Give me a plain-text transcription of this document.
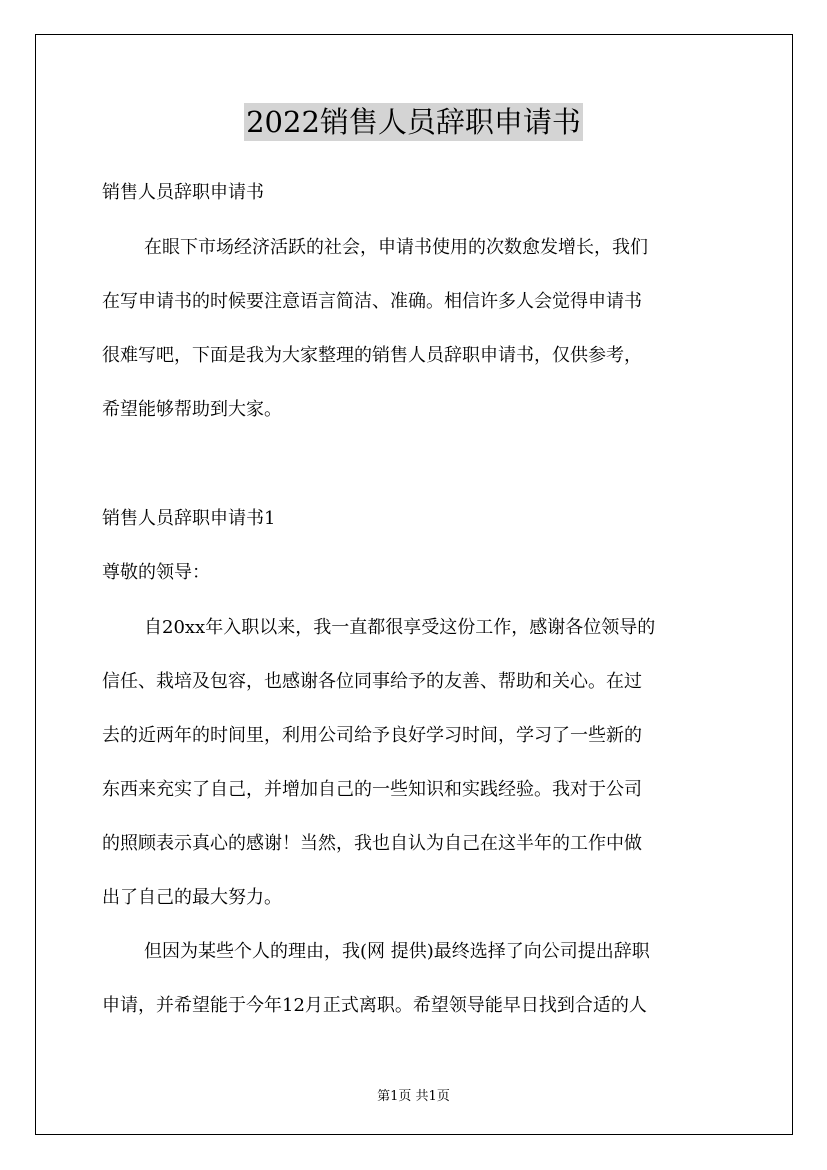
2022销售人员辞职申请书
销售人员辞职申请书
在眼下市场经济活跃的社会，申请书使用的次数愈发增长，我们
在写申请书的时候要注意语言简洁、准确。相信许多人会觉得申请书
很难写吧，下面是我为大家整理的销售人员辞职申请书，仅供参考，
希望能够帮助到大家。
销售人员辞职申请书1
尊敬的领导：
自20xx年入职以来，我一直都很享受这份工作，感谢各位领导的
信任、栽培及包容，也感谢各位同事给予的友善、帮助和关心。在过
去的近两年的时间里，利用公司给予良好学习时间，学习了一些新的
东西来充实了自己，并增加自己的一些知识和实践经验。我对于公司
的照顾表示真心的感谢！当然，我也自认为自己在这半年的工作中做
出了自己的最大努力。
但因为某些个人的理由，我(网 提供)最终选择了向公司提出辞职
申请，并希望能于今年12月正式离职。希望领导能早日找到合适的人
第1页 共1页
